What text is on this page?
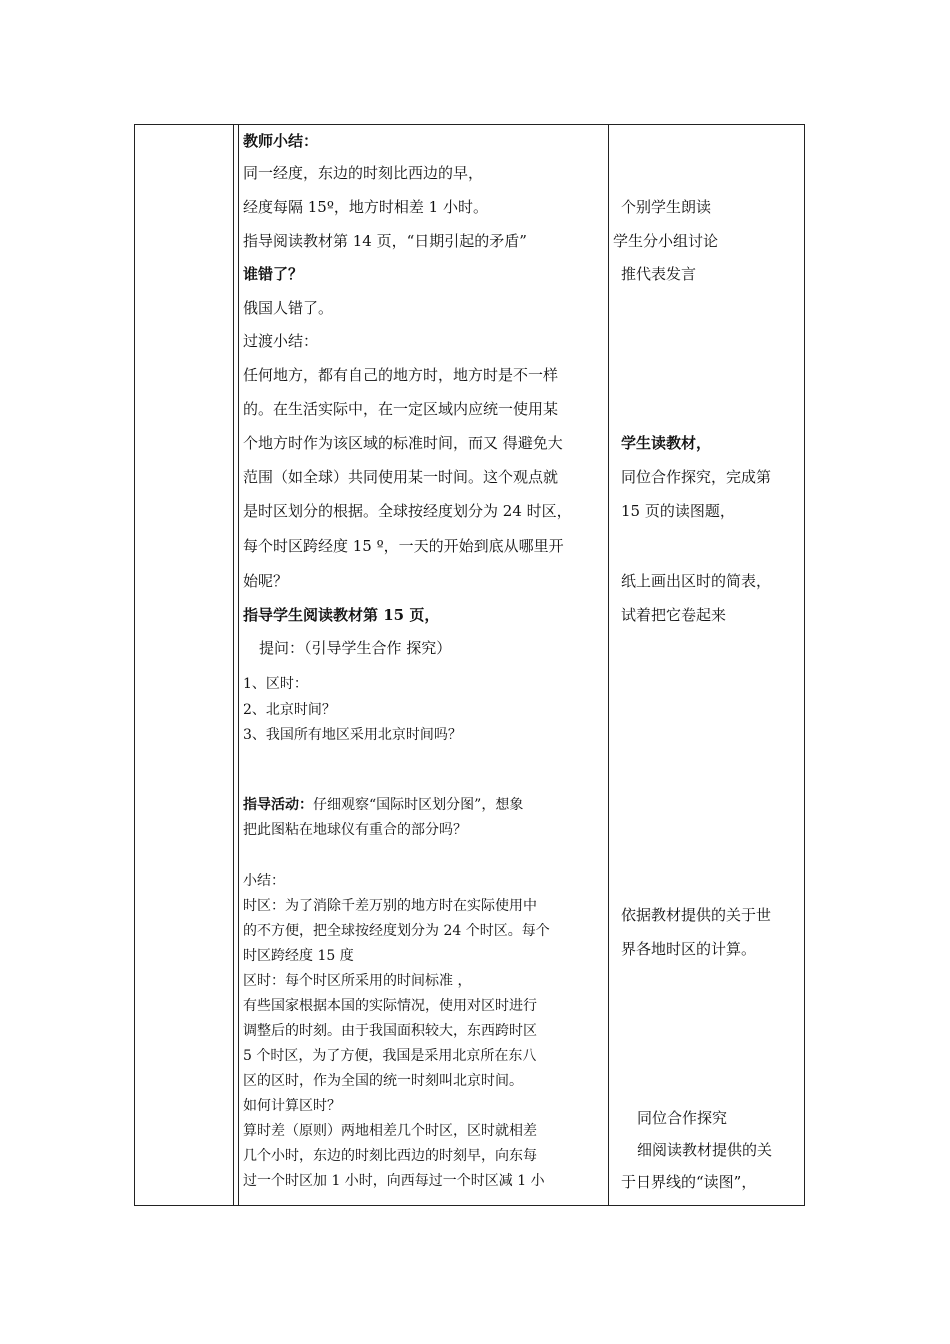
教师小结：
同一经度，东边的时刻比西边的早，
经度每隔 15º，地方时相差 1 小时。
指导阅读教材第 14 页，“日期引起的矛盾”
谁错了？
俄国人错了。
过渡小结：
任何地方，都有自己的地方时，地方时是不一样
的。在生活实际中，在一定区域内应统一使用某
个地方时作为该区域的标准时间，而又 得避免大
范围（如全球）共同使用某一时间。这个观点就
是时区划分的根据。全球按经度划分为 24 时区，
每个时区跨经度 15 º，一天的开始到底从哪里开
始呢？
指导学生阅读教材第 15 页，
提问：（引导学生合作 探究）
1、区时：
2、北京时间？
3、我国所有地区采用北京时间吗？
指导活动：仔细观察“国际时区划分图”，想象
把此图粘在地球仪有重合的部分吗？
小结：
时区：为了消除千差万别的地方时在实际使用中
的不方便，把全球按经度划分为 24 个时区。每个
时区跨经度 15 度
区时：每个时区所采用的时间标准 ，
有些国家根据本国的实际情况，使用对区时进行
调整后的时刻。由于我国面积较大，东西跨时区
5 个时区，为了方便，我国是采用北京所在东八
区的区时，作为全国的统一时刻叫北京时间。
如何计算区时？
算时差（原则）两地相差几个时区，区时就相差
几个小时，东边的时刻比西边的时刻早，向东每
过一个时区加 1 小时，向西每过一个时区减 1 小
个别学生朗读
学生分小组讨论
推代表发言
学生读教材，
同位合作探究，完成第
15 页的读图题，
纸上画出区时的简表，
试着把它卷起来
依据教材提供的关于世
界各地时区的计算。
同位合作探究
细阅读教材提供的关
于日界线的“读图”，
